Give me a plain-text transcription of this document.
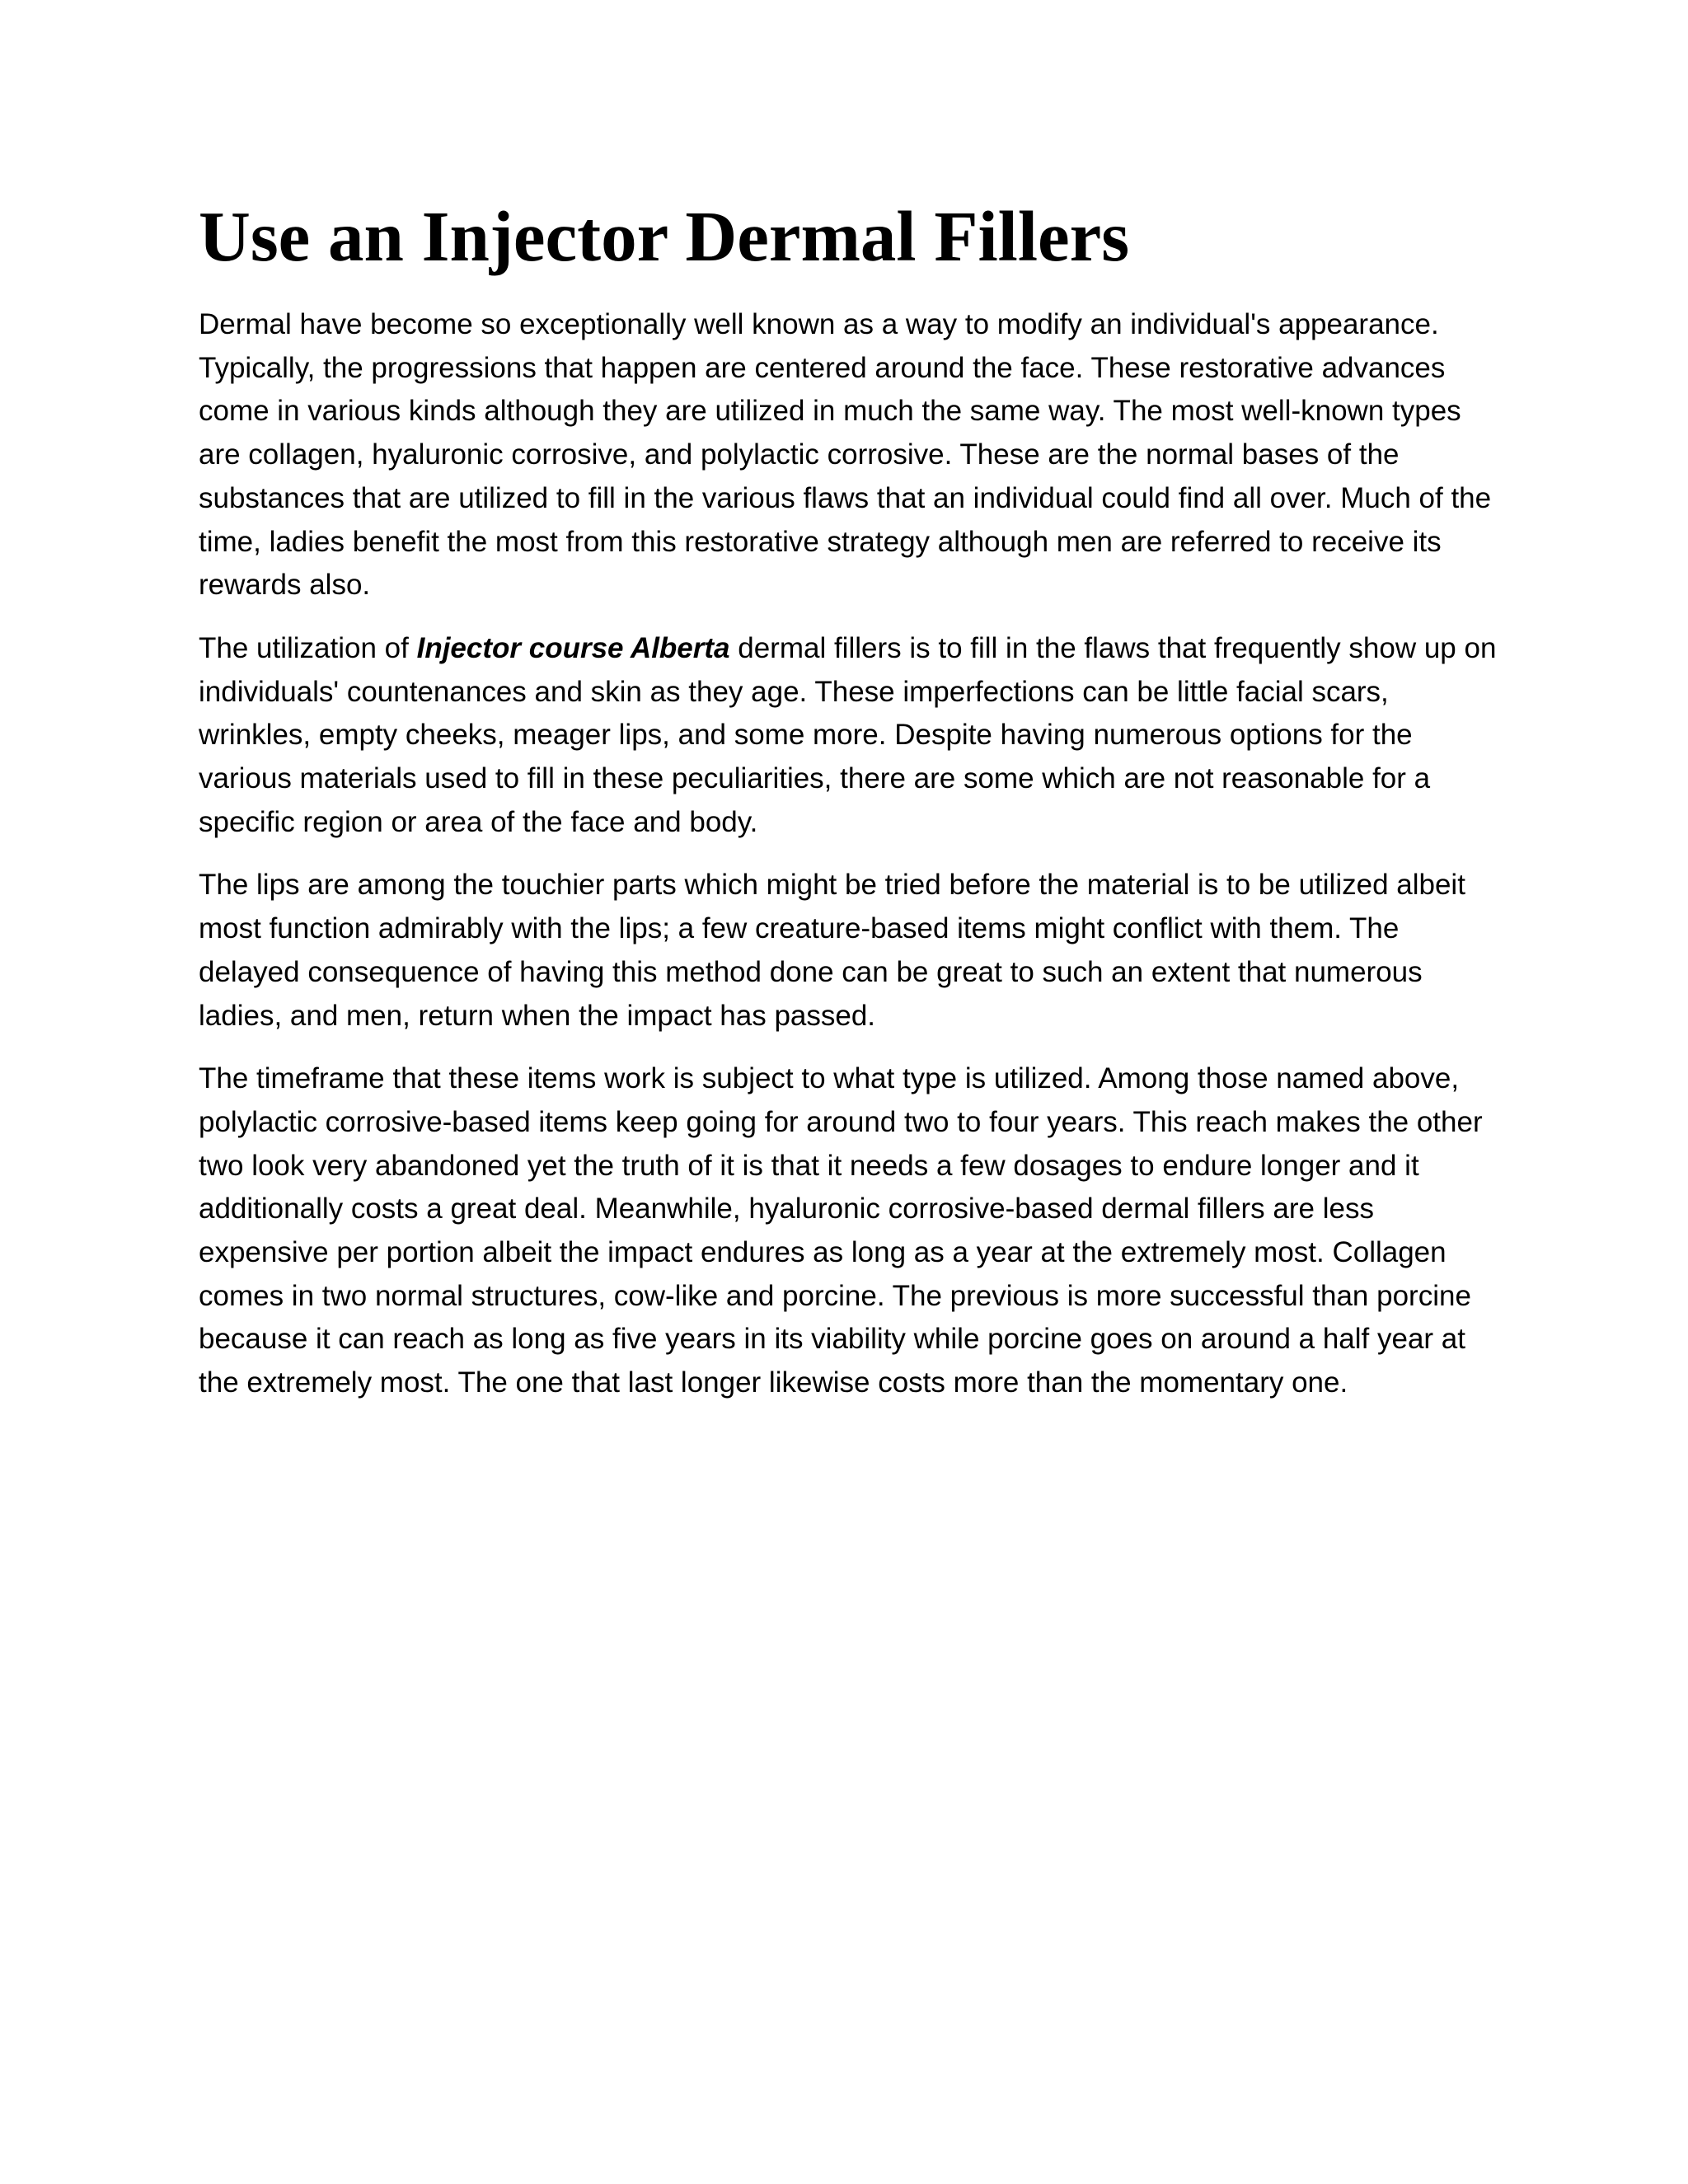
Use an Injector Dermal Fillers

Dermal have become so exceptionally well known as a way to modify an individual's appearance. Typically, the progressions that happen are centered around the face. These restorative advances come in various kinds although they are utilized in much the same way. The most well-known types are collagen, hyaluronic corrosive, and polylactic corrosive. These are the normal bases of the substances that are utilized to fill in the various flaws that an individual could find all over. Much of the time, ladies benefit the most from this restorative strategy although men are referred to receive its rewards also.

The utilization of Injector course Alberta dermal fillers is to fill in the flaws that frequently show up on individuals' countenances and skin as they age. These imperfections can be little facial scars, wrinkles, empty cheeks, meager lips, and some more. Despite having numerous options for the various materials used to fill in these peculiarities, there are some which are not reasonable for a specific region or area of the face and body.

The lips are among the touchier parts which might be tried before the material is to be utilized albeit most function admirably with the lips; a few creature-based items might conflict with them. The delayed consequence of having this method done can be great to such an extent that numerous ladies, and men, return when the impact has passed.

The timeframe that these items work is subject to what type is utilized. Among those named above, polylactic corrosive-based items keep going for around two to four years. This reach makes the other two look very abandoned yet the truth of it is that it needs a few dosages to endure longer and it additionally costs a great deal. Meanwhile, hyaluronic corrosive-based dermal fillers are less expensive per portion albeit the impact endures as long as a year at the extremely most. Collagen comes in two normal structures, cow-like and porcine. The previous is more successful than porcine because it can reach as long as five years in its viability while porcine goes on around a half year at the extremely most. The one that last longer likewise costs more than the momentary one.
